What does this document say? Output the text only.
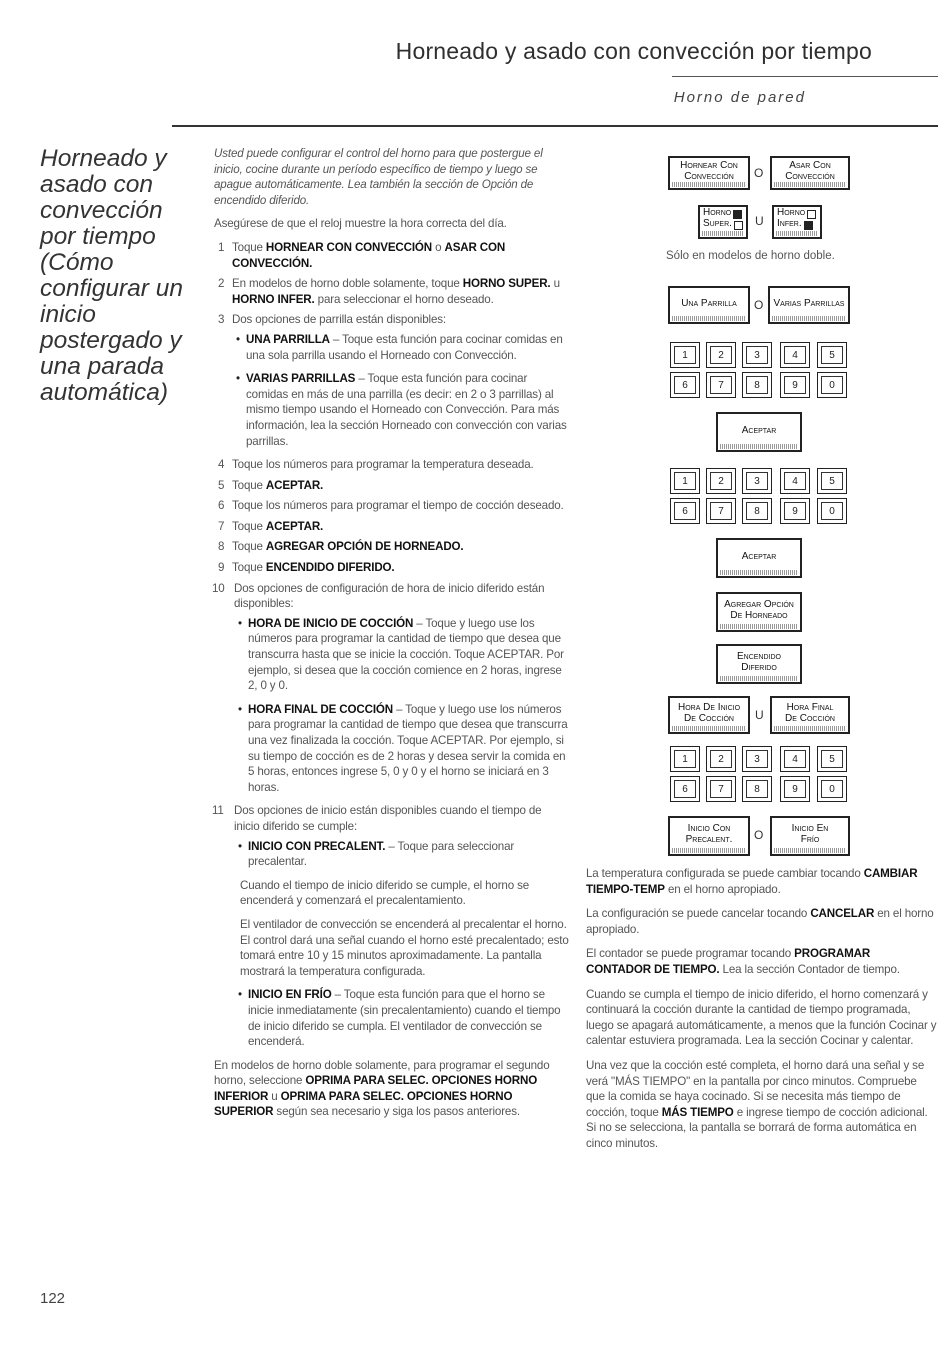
Horneado y asado con convección por tiempo
Horno de pared
Horneado y asado con convección por tiempo (Cómo configurar un inicio postergado y una parada automática)

Usted puede configurar el control del horno para que postergue el inicio, cocine durante un período específico de tiempo y luego se apague automáticamente. Lea también la sección de Opción de encendido diferido.

Asegúrese de que el reloj muestre la hora correcta del día.

1 Toque HORNEAR CON CONVECCIÓN o ASAR CON CONVECCIÓN.
2 En modelos de horno doble solamente, toque HORNO SUPER. u HORNO INFER. para seleccionar el horno deseado.
3 Dos opciones de parrilla están disponibles:
• UNA PARRILLA – Toque esta función para cocinar comidas en una sola parrilla usando el Horneado con Convección.
• VARIAS PARRILLAS – Toque esta función para cocinar comidas en más de una parrilla (es decir: en 2 o 3 parrillas) al mismo tiempo usando el Horneado con Convección. Para más información, lea la sección Horneado con convección con varias parrillas.
4 Toque los números para programar la temperatura deseada.
5 Toque ACEPTAR.
6 Toque los números para programar el tiempo de cocción deseado.
7 Toque ACEPTAR.
8 Toque AGREGAR OPCIÓN DE HORNEADO.
9 Toque ENCENDIDO DIFERIDO.
10 Dos opciones de configuración de hora de inicio diferido están disponibles:
• HORA DE INICIO DE COCCIÓN – Toque y luego use los números para programar la cantidad de tiempo que desea que transcurra hasta que se inicie la cocción. Toque ACEPTAR. Por ejemplo, si desea que la cocción comience en 2 horas, ingrese 2, 0 y 0.
• HORA FINAL DE COCCIÓN – Toque y luego use los números para programar la cantidad de tiempo que desea que transcurra una vez finalizada la cocción. Toque ACEPTAR. Por ejemplo, si su tiempo de cocción es de 2 horas y desea servir la comida en 5 horas, entonces ingrese 5, 0 y 0 y el horno se iniciará en 3 horas.
11 Dos opciones de inicio están disponibles cuando el tiempo de inicio diferido se cumple:
• INICIO CON PRECALENT. – Toque para seleccionar precalentar.

Cuando el tiempo de inicio diferido se cumple, el horno se encenderá y comenzará el precalentamiento.

El ventilador de convección se encenderá al precalentar el horno. El control dará una señal cuando el horno esté precalentado; esto tomará entre 10 y 15 minutos aproximadamente. La pantalla mostrará la temperatura configurada.

• INICIO EN FRÍO – Toque esta función para que el horno se inicie inmediatamente (sin precalentamiento) cuando el tiempo de inicio diferido se cumpla. El ventilador de convección se encenderá.

En modelos de horno doble solamente, para programar el segundo horno, seleccione OPRIMA PARA SELEC. OPCIONES HORNO INFERIOR u OPRIMA PARA SELEC. OPCIONES HORNO SUPERIOR según sea necesario y siga los pasos anteriores.

Hornear Con
Convección O
Asar Con
Convección
Horno
Super.	U
Horno
Infer.
Sólo en modelos de horno doble.
Una Parrilla O Varias Parrillas
1	2	3	4	5
6	7	8	9	0
Aceptar
1	2	3	4	5
6	7	8	9	0
Aceptar
Agregar Opción
De Horneado
Encendido
Diferido
Hora De Inicio
De Cocción U
Hora Final
De Cocción
1	2	3	4	5
6	7	8	9	0
Inicio Con
Precalent. O	Inicio En
Frío

La temperatura configurada se puede cambiar tocando CAMBIAR TIEMPO-TEMP en el horno apropiado.

La configuración se puede cancelar tocando CANCELAR en el horno apropiado.

El contador se puede programar tocando PROGRAMAR CONTADOR DE TIEMPO. Lea la sección Contador de tiempo.

Cuando se cumpla el tiempo de inicio diferido, el horno comenzará y continuará la cocción durante la cantidad de tiempo programada, luego se apagará automáticamente, a menos que la función Cocinar y calentar estuviera programada. Lea la sección Cocinar y calentar.

Una vez que la cocción esté completa, el horno dará una señal y se verá "MÁS TIEMPO" en la pantalla por cinco minutos. Compruebe que la comida se haya cocinado. Si se necesita más tiempo de cocción, toque MÁS TIEMPO e ingrese tiempo de cocción adicional. Si no se selecciona, la pantalla se borrará de forma automática en cinco minutos.

122
